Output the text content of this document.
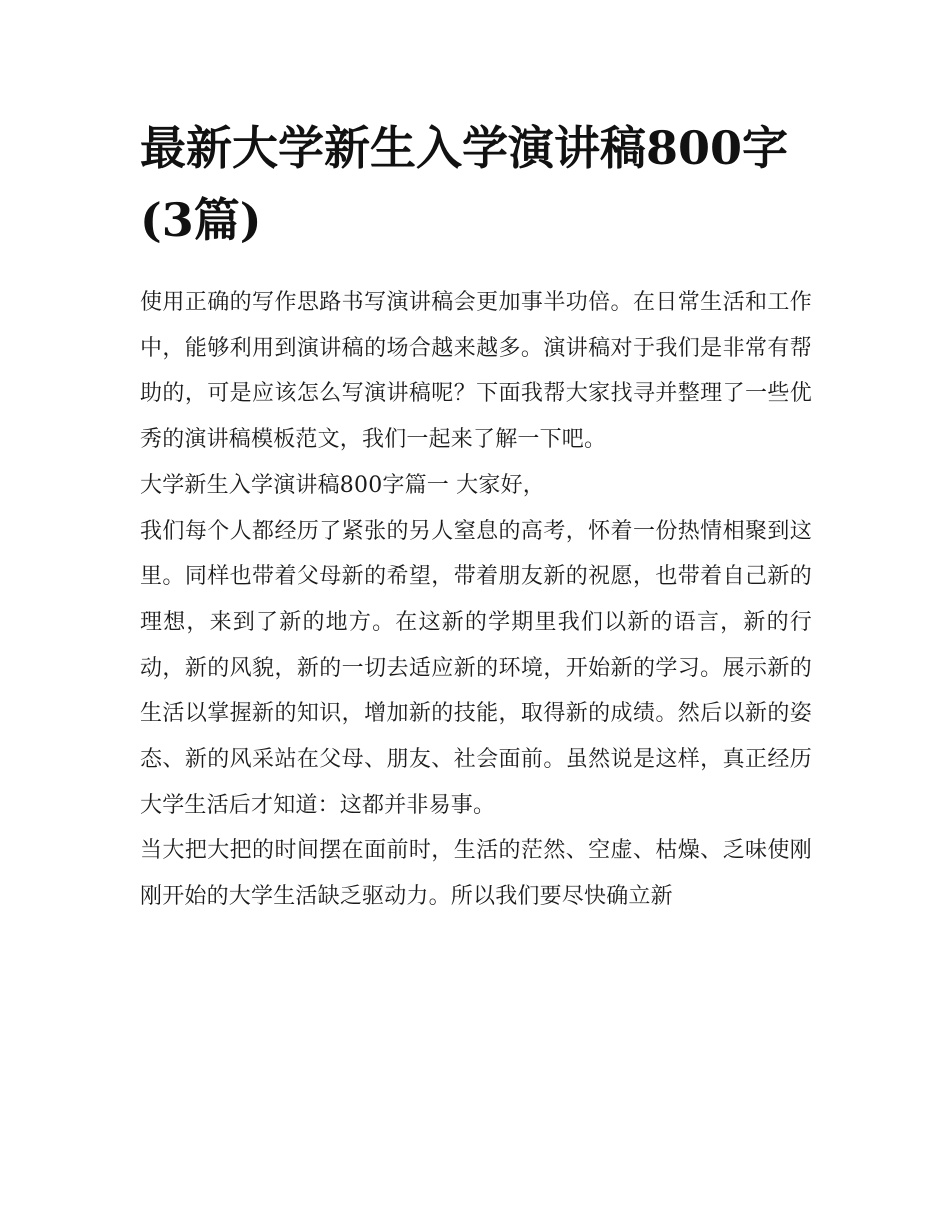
最新大学新生入学演讲稿800字(3篇)

使用正确的写作思路书写演讲稿会更加事半功倍。在日常生活和工作中，能够利用到演讲稿的场合越来越多。演讲稿对于我们是非常有帮助的，可是应该怎么写演讲稿呢？下面我帮大家找寻并整理了一些优秀的演讲稿模板范文，我们一起来了解一下吧。

大学新生入学演讲稿800字篇一 大家好，

我们每个人都经历了紧张的另人窒息的高考，怀着一份热情相聚到这里。同样也带着父母新的希望，带着朋友新的祝愿，也带着自己新的理想，来到了新的地方。在这新的学期里我们以新的语言，新的行动，新的风貌，新的一切去适应新的环境，开始新的学习。展示新的生活以掌握新的知识，增加新的技能，取得新的成绩。然后以新的姿态、新的风采站在父母、朋友、社会面前。虽然说是这样，真正经历大学生活后才知道：这都并非易事。

当大把大把的时间摆在面前时，生活的茫然、空虚、枯燥、乏味使刚刚开始的大学生活缺乏驱动力。所以我们要尽快确立新
